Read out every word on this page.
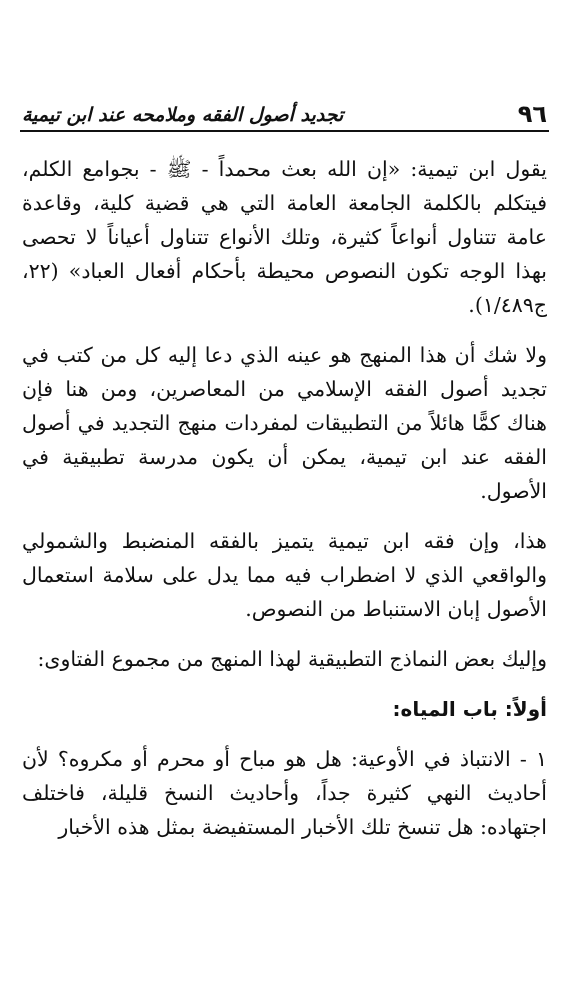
٩٦
تجديد أصول الفقه وملامحه عند ابن تيمية

يقول ابن تيمية: «إن الله بعث محمداً - ﷺ - بجوامع الكلم، فيتكلم بالكلمة الجامعة العامة التي هي قضية كلية، وقاعدة عامة تتناول أنواعاً كثيرة، وتلك الأنواع تتناول أعياناً لا تحصى بهذا الوجه تكون النصوص محيطة بأحكام أفعال العباد» (٢٢، ج١/٤٨٩).

ولا شك أن هذا المنهج هو عينه الذي دعا إليه كل من كتب في تجديد أصول الفقه الإسلامي من المعاصرين، ومن هنا فإن هناك كمًّا هائلاً من التطبيقات لمفردات منهج التجديد في أصول الفقه عند ابن تيمية، يمكن أن يكون مدرسة تطبيقية في الأصول.

هذا، وإن فقه ابن تيمية يتميز بالفقه المنضبط والشمولي والواقعي الذي لا اضطراب فيه مما يدل على سلامة استعمال الأصول إبان الاستنباط من النصوص.

وإليك بعض النماذج التطبيقية لهذا المنهج من مجموع الفتاوى:

أولاً: باب المياه:

١ - الانتباذ في الأوعية: هل هو مباح أو محرم أو مكروه؟ لأن أحاديث النهي كثيرة جداً، وأحاديث النسخ قليلة، فاختلف اجتهاده: هل تنسخ تلك الأخبار المستفيضة بمثل هذه الأخبار
